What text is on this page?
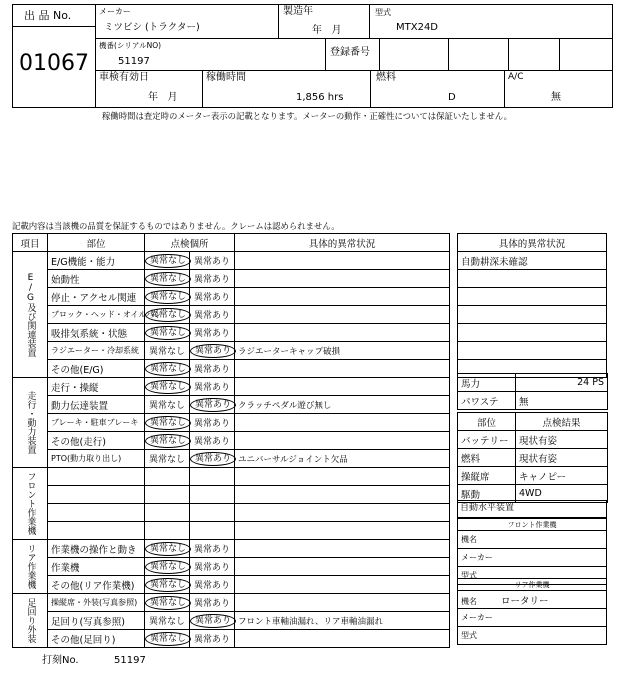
出 品 No.
01067
メーカー
ミツビシ (トラクター)
製造年
年   月
型式
MTX24D
機番(シリアルNO)
51197
登録番号
車検有効日
年   月
稼働時間
1,856 hrs
燃料
D
A/C
無
稼働時間は査定時のメーター表示の記載となります。メーターの動作・正確性については保証いたしません。
記載内容は当該機の品質を保証するものではありません。クレームは認められません。
項目	部位	点検個所		具体的異常状況

E/G及び関連装置	E/G機能・能力	異常なし	異常あり	
	始動性	異常なし	異常あり	
	停止・アクセル関連	異常なし	異常あり	
	ブロック・ヘッド・オイルパン	異常なし	異常あり	
	吸排気系統・状態	異常なし	異常あり	
	ラジエーター・冷却系統	異常なし	異常あり	ラジエーターキャップ破損
	その他(E/G)	異常なし	異常あり	

走行・動力装置	走行・操縦	異常なし	異常あり	
	動力伝達装置	異常なし	異常あり	クラッチペダル遊び無し
	ブレーキ・駐車ブレーキ	異常なし	異常あり	
	その他(走行)	異常なし	異常あり	
	PTO(動力取り出し)	異常なし	異常あり	ユニバーサルジョイント欠品

フロント作業機				

リア作業機	作業機の操作と動き	異常なし	異常あり	
	作業機	異常なし	異常あり	
	その他(リア作業機)	異常なし	異常あり	

足回り外装	操縦席・外装(写真参照)	異常なし	異常あり	
	足回り(写真参照)	異常なし	異常あり	フロント車軸油漏れ、リア車軸油漏れ
	その他(足回り)	異常なし	異常あり	
具体的異常状況
自動耕深未確認

馬力	24 PS
パワステ	無
部位	点検結果
バッテリー	現状有姿
燃料	現状有姿
操縦席	キャノピー
駆動	4WD
自動水平装置
フロント作業機
機名
メーカー
型式
リア作業機
機名	ロータリー
メーカー
型式
打刻No.	51197
